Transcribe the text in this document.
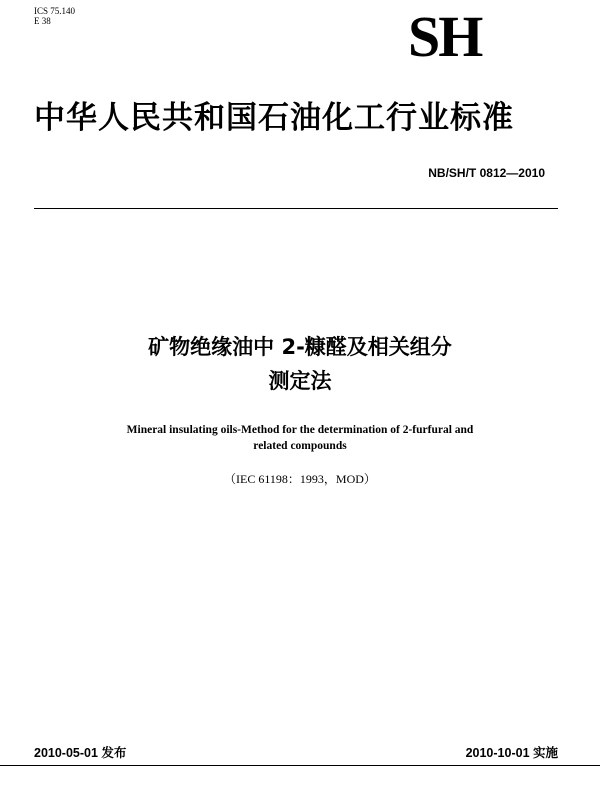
ICS 75.140
E 38	SH
中华人民共和国石油化工行业标准
NB/SH/T 0812—2010
矿物绝缘油中 2-糠醛及相关组分
测定法
Mineral insulating oils-Method for the determination of 2-furfural and
related compounds
（IEC 61198：1993，MOD）
2010-05-01 发布	2010-10-01 实施
